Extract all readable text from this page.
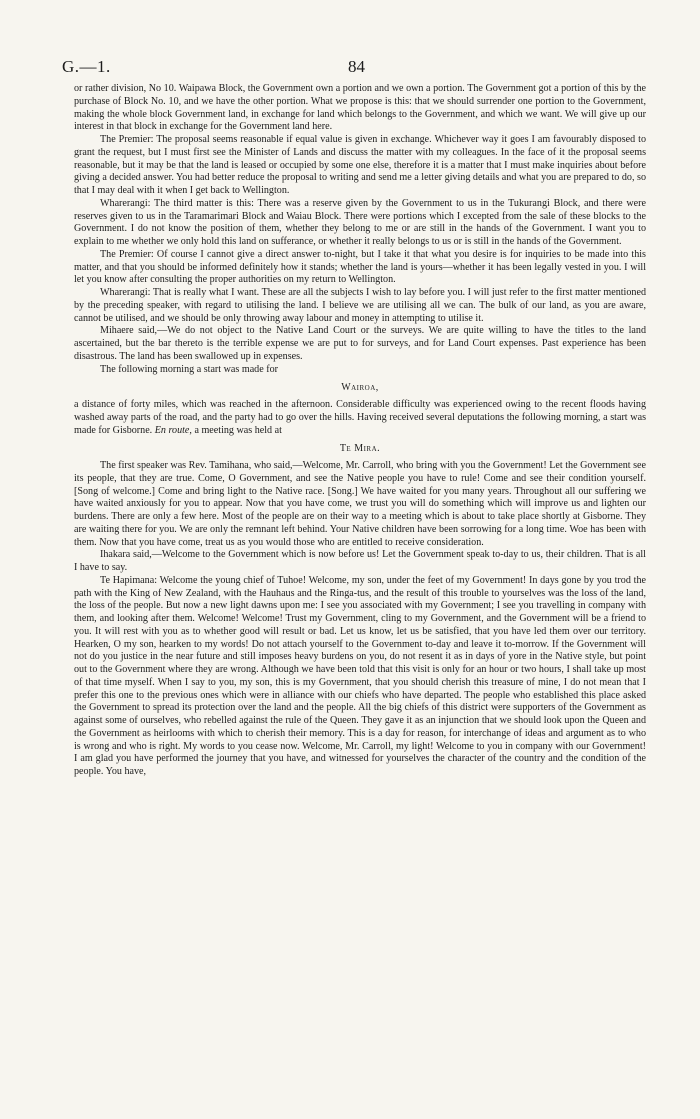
G.—1.	84

or rather division, No 10. Waipawa Block, the Government own a portion and we own a portion. The Government got a portion of this by the purchase of Block No. 10, and we have the other portion. What we propose is this: that we should surrender one portion to the Government, making the whole block Government land, in exchange for land which belongs to the Government, and which we want. We will give up our interest in that block in exchange for the Government land here.

The Premier: The proposal seems reasonable if equal value is given in exchange. Whichever way it goes I am favourably disposed to grant the request, but I must first see the Minister of Lands and discuss the matter with my colleagues. In the face of it the proposal seems reasonable, but it may be that the land is leased or occupied by some one else, therefore it is a matter that I must make inquiries about before giving a decided answer. You had better reduce the proposal to writing and send me a letter giving details and what you are prepared to do, so that I may deal with it when I get back to Wellington.

Wharerangi: The third matter is this: There was a reserve given by the Government to us in the Tukurangi Block, and there were reserves given to us in the Taramarimari Block and Waiau Block. There were portions which I excepted from the sale of these blocks to the Government. I do not know the position of them, whether they belong to me or are still in the hands of the Government. I want you to explain to me whether we only hold this land on sufferance, or whether it really belongs to us or is still in the hands of the Government.

The Premier: Of course I cannot give a direct answer to-night, but I take it that what you desire is for inquiries to be made into this matter, and that you should be informed definitely how it stands; whether the land is yours—whether it has been legally vested in you. I will let you know after consulting the proper authorities on my return to Wellington.

Wharerangi: That is really what I want. These are all the subjects I wish to lay before you. I will just refer to the first matter mentioned by the preceding speaker, with regard to utilising the land. I believe we are utilising all we can. The bulk of our land, as you are aware, cannot be utilised, and we should be only throwing away labour and money in attempting to utilise it.

Mihaere said,—We do not object to the Native Land Court or the surveys. We are quite willing to have the titles to the land ascertained, but the bar thereto is the terrible expense we are put to for surveys, and for Land Court expenses. Past experience has been disastrous. The land has been swallowed up in expenses.

The following morning a start was made for

Wairoa,

a distance of forty miles, which was reached in the afternoon. Considerable difficulty was experienced owing to the recent floods having washed away parts of the road, and the party had to go over the hills. Having received several deputations the following morning, a start was made for Gisborne. En route, a meeting was held at

Te Mira.

The first speaker was Rev. Tamihana, who said,—Welcome, Mr. Carroll, who bring with you the Government! Let the Government see its people, that they are true. Come, O Government, and see the Native people you have to rule! Come and see their condition yourself. [Song of welcome.] Come and bring light to the Native race. [Song.] We have waited for you many years. Throughout all our suffering we have waited anxiously for you to appear. Now that you have come, we trust you will do something which will improve us and lighten our burdens. There are only a few here. Most of the people are on their way to a meeting which is about to take place shortly at Gisborne. They are waiting there for you. We are only the remnant left behind. Your Native children have been sorrowing for a long time. Woe has been with them. Now that you have come, treat us as you would those who are entitled to receive consideration.

Ihakara said,—Welcome to the Government which is now before us! Let the Government speak to-day to us, their children. That is all I have to say.

Te Hapimana: Welcome the young chief of Tuhoe! Welcome, my son, under the feet of my Government! In days gone by you trod the path with the King of New Zealand, with the Hauhaus and the Ringa-tus, and the result of this trouble to yourselves was the loss of the land, the loss of the people. But now a new light dawns upon me: I see you associated with my Government; I see you travelling in company with them, and looking after them. Welcome! Welcome! Trust my Government, cling to my Government, and the Government will be a friend to you. It will rest with you as to whether good will result or bad. Let us know, let us be satisfied, that you have led them over our territory. Hearken, O my son, hearken to my words! Do not attach yourself to the Government to-day and leave it to-morrow. If the Government will not do you justice in the near future and still imposes heavy burdens on you, do not resent it as in days of yore in the Native style, but point out to the Government where they are wrong. Although we have been told that this visit is only for an hour or two hours, I shall take up most of that time myself. When I say to you, my son, this is my Government, that you should cherish this treasure of mine, I do not mean that I prefer this one to the previous ones which were in alliance with our chiefs who have departed. The people who established this place asked the Government to spread its protection over the land and the people. All the big chiefs of this district were supporters of the Government as against some of ourselves, who rebelled against the rule of the Queen. They gave it as an injunction that we should look upon the Queen and the Government as heirlooms with which to cherish their memory. This is a day for reason, for interchange of ideas and argument as to who is wrong and who is right. My words to you cease now. Welcome, Mr. Carroll, my light! Welcome to you in company with our Government! I am glad you have performed the journey that you have, and witnessed for yourselves the character of the country and the condition of the people. You have,
